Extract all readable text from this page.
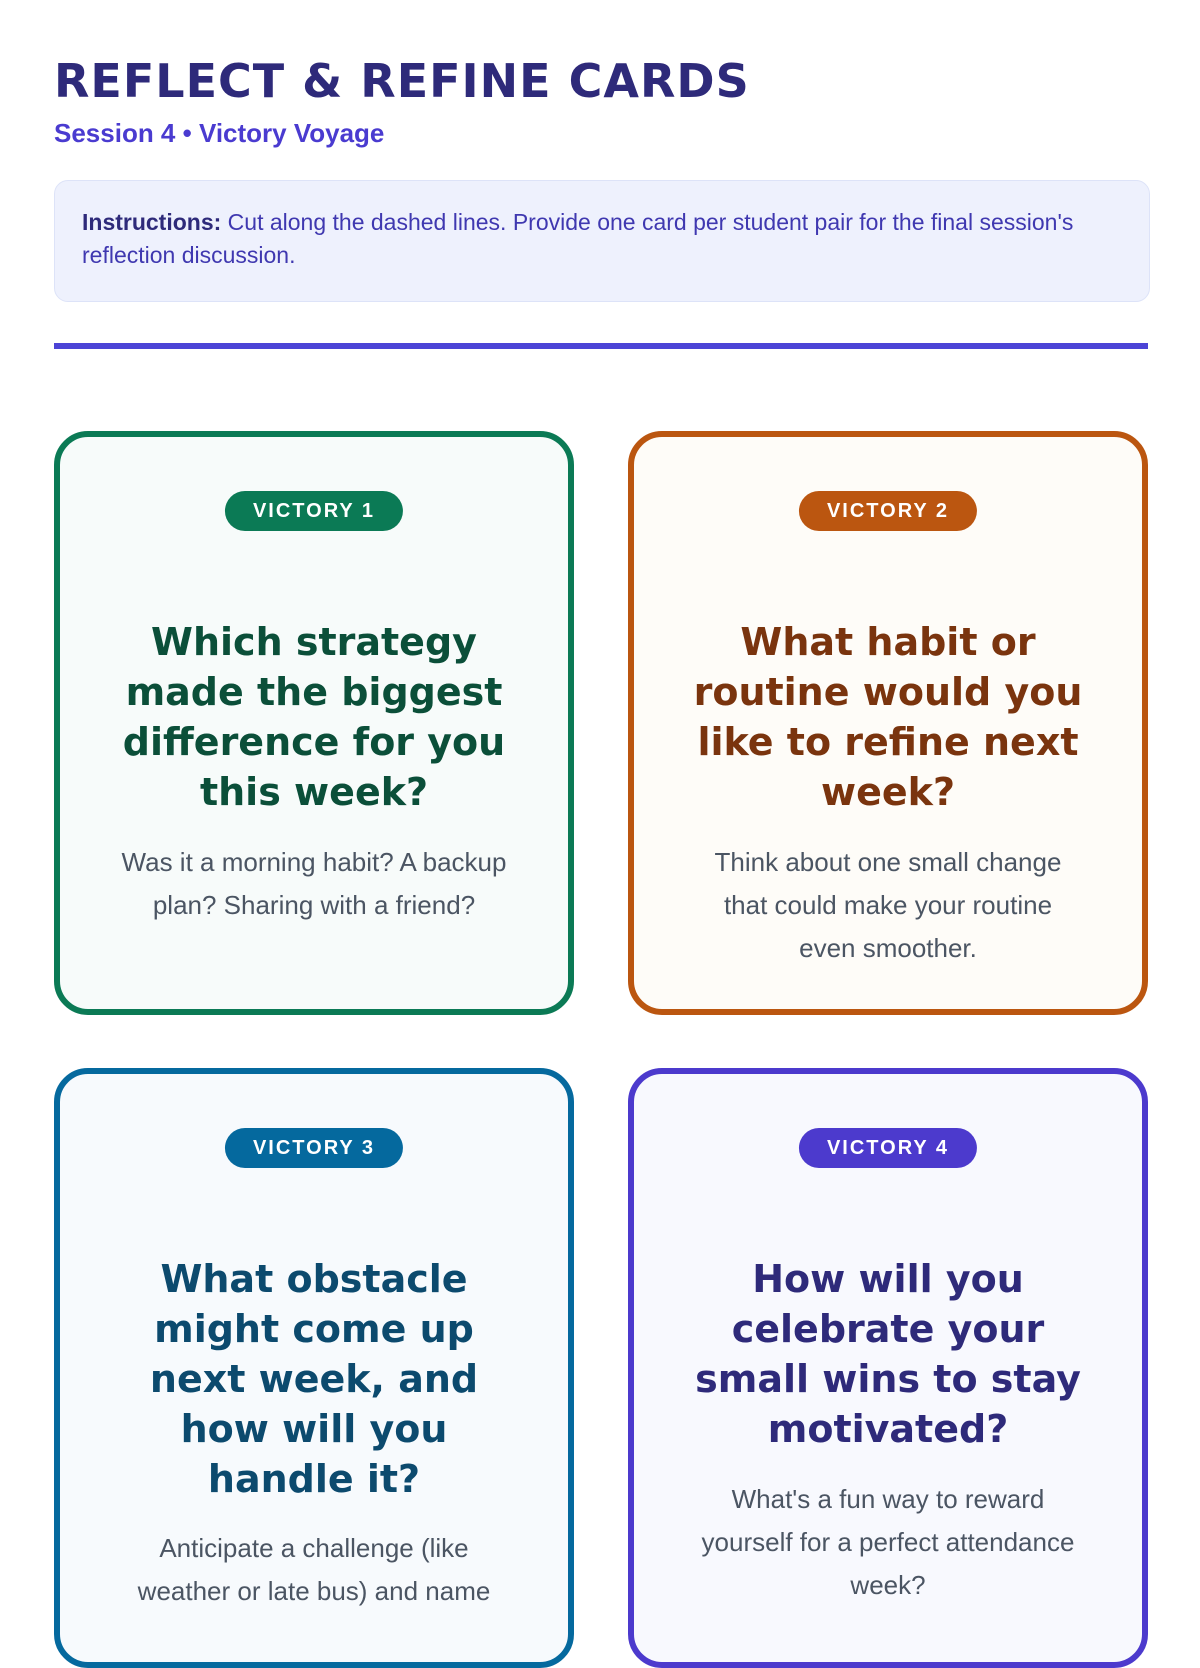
REFLECT & REFINE CARDS
Session 4 • Victory Voyage
Instructions: Cut along the dashed lines. Provide one card per student pair for the final session's reflection discussion.
VICTORY 1
Which strategy made the biggest difference for you this week?
Was it a morning habit? A backup plan? Sharing with a friend?
VICTORY 2
What habit or routine would you like to refine next week?
Think about one small change that could make your routine even smoother.
VICTORY 3
What obstacle might come up next week, and how will you handle it?
Anticipate a challenge (like weather or late bus) and name
VICTORY 4
How will you celebrate your small wins to stay motivated?
What's a fun way to reward yourself for a perfect attendance week?
